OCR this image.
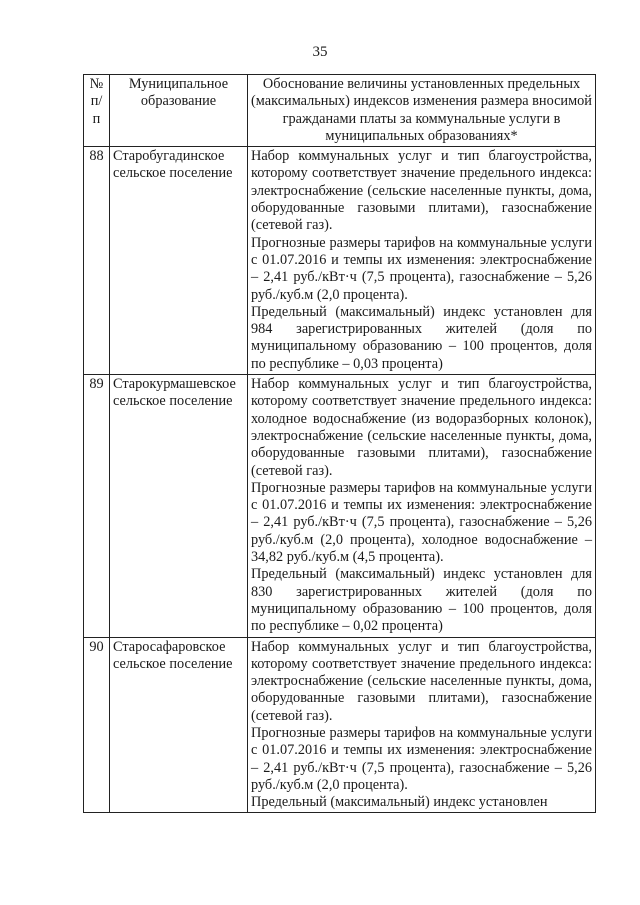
35
№ п/п	Муниципальное образование	Обоснование величины установленных предельных (максимальных) индексов изменения размера вносимой гражданами платы за коммунальные услуги в муниципальных образованиях*
88	Старобугадинское сельское поселение	Набор коммунальных услуг и тип благоустройства, которому соответствует значение предельного индекса: электроснабжение (сельские населенные пункты, дома, оборудованные газовыми плитами), газоснабжение (сетевой газ).

Прогнозные размеры тарифов на коммунальные услуги с 01.07.2016 и темпы их изменения: электроснабжение – 2,41 руб./кВт·ч (7,5 процента), газоснабжение – 5,26 руб./куб.м (2,0 процента).

Предельный (максимальный) индекс установлен для 984 зарегистрированных жителей (доля по муниципальному образованию – 100 процентов, доля по республике – 0,03 процента)

89	Старокурмашевское сельское поселение	Набор коммунальных услуг и тип благоустройства, которому соответствует значение предельного индекса: холодное водоснабжение (из водоразборных колонок), электроснабжение (сельские населенные пункты, дома, оборудованные газовыми плитами), газоснабжение (сетевой газ).

Прогнозные размеры тарифов на коммунальные услуги с 01.07.2016 и темпы их изменения: электроснабжение – 2,41 руб./кВт·ч (7,5 процента), газоснабжение – 5,26 руб./куб.м (2,0 процента), холодное водоснабжение – 34,82 руб./куб.м (4,5 процента).

Предельный (максимальный) индекс установлен для 830 зарегистрированных жителей (доля по муниципальному образованию – 100 процентов, доля по республике – 0,02 процента)

90	Старосафаровское сельское поселение	Набор коммунальных услуг и тип благоустройства, которому соответствует значение предельного индекса: электроснабжение (сельские населенные пункты, дома, оборудованные газовыми плитами), газоснабжение (сетевой газ).

Прогнозные размеры тарифов на коммунальные услуги с 01.07.2016 и темпы их изменения: электроснабжение – 2,41 руб./кВт·ч (7,5 процента), газоснабжение – 5,26 руб./куб.м (2,0 процента).

Предельный (максимальный) индекс установлен
